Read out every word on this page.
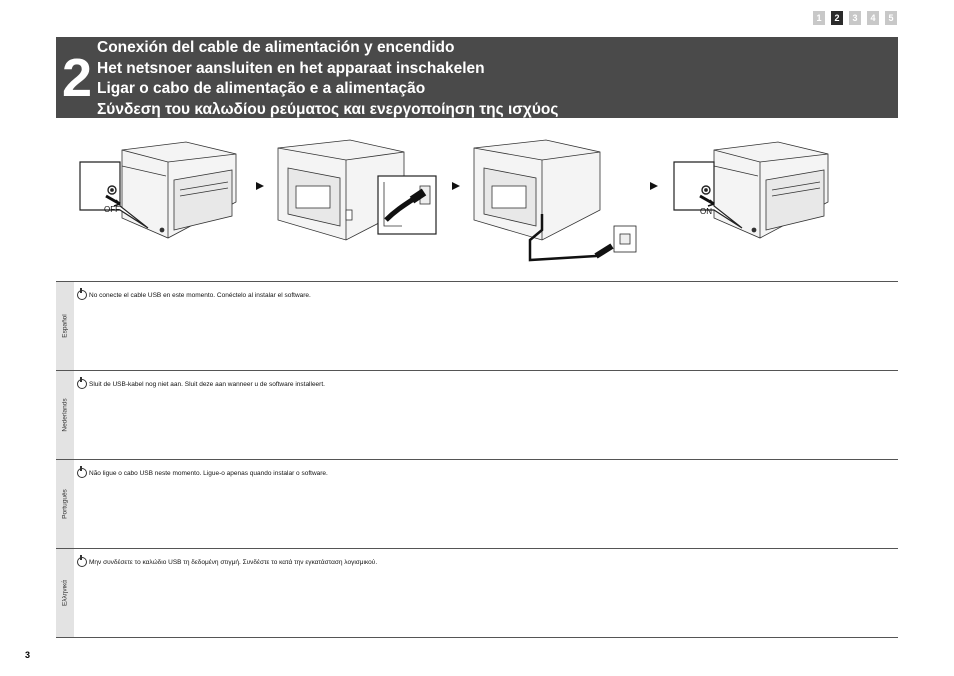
1	2	3	4	5
2
Conexión del cable de alimentación y encendido
Het netsnoer aansluiten en het apparaat inschakelen
Ligar o cabo de alimentação e a alimentação
Σύνδεση του καλωδίου ρεύματος και ενεργοποίηση της ισχύος
OFF	ON
Español
No conecte el cable USB en este momento. Conéctelo al instalar el software.
Nederlands
Sluit de USB-kabel nog niet aan. Sluit deze aan wanneer u de software installeert.
Português
Não ligue o cabo USB neste momento. Ligue-o apenas quando instalar o software.
Ελληνικά
Μην συνδέσετε το καλώδιο USB τη δεδομένη στιγμή. Συνδέστε το κατά την εγκατάσταση λογισμικού.
3
